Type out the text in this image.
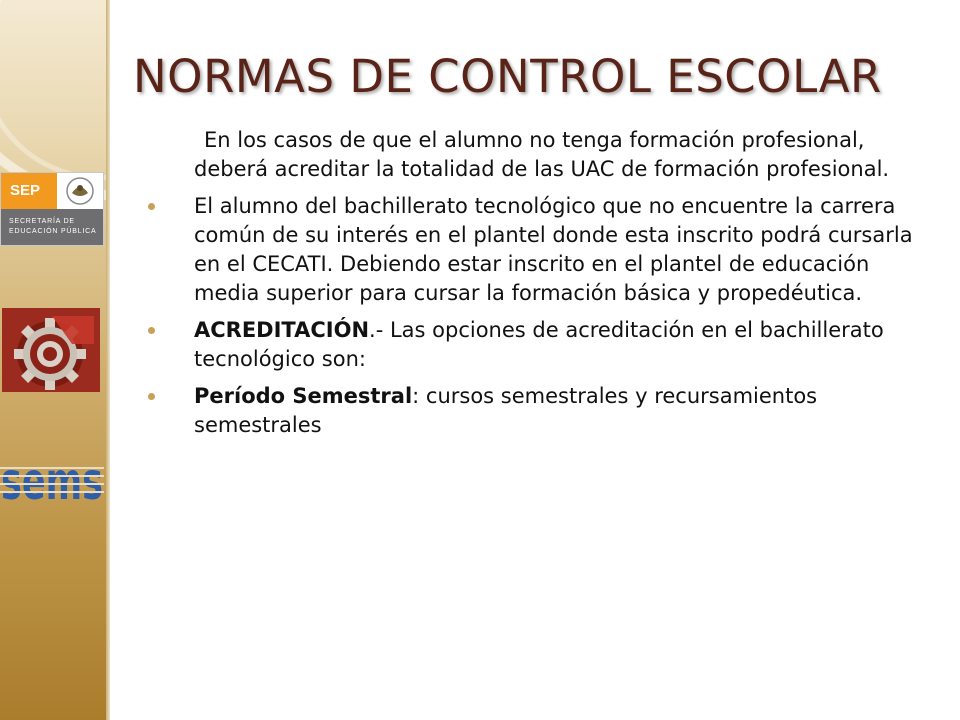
SEP
SECRETARÍA DE
EDUCACIÓN PÚBLICA
sems
NORMAS DE CONTROL ESCOLAR
En los casos de que el alumno no tenga formación profesional, deberá acreditar la totalidad de las UAC de formación profesional.
El alumno del bachillerato tecnológico que no encuentre la carrera común de su interés en el plantel donde esta inscrito podrá cursarla en el CECATI. Debiendo estar inscrito en el plantel de educación media superior para cursar la formación básica y propedéutica.
ACREDITACIÓN.- Las opciones de acreditación en el bachillerato tecnológico son:
Período Semestral: cursos semestrales y recursamientos semestrales
